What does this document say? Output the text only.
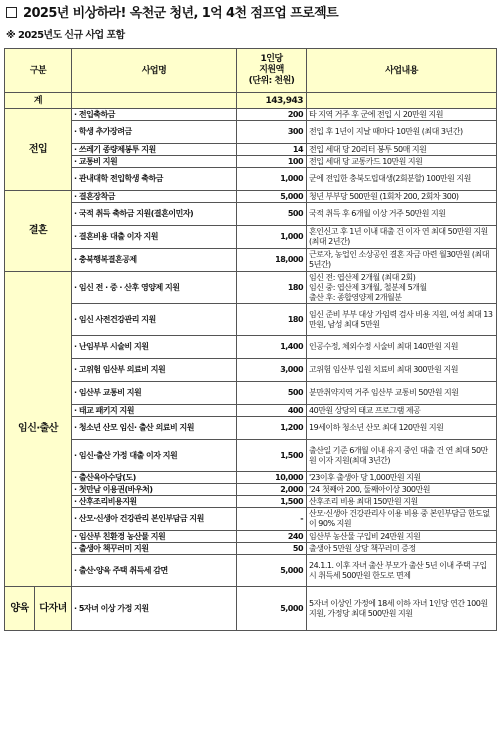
2025년 비상하라! 옥천군 청년, 1억 4천 점프업 프로젝트
※ 2025년도 신규 사업 포함
구분		사업명	1인당
지원액
(단위: 천원)	사업내용
계			143,943	
전입		· 전입축하금	200	타 지역 거주 후 군에 전입 시 20만원 지원
		· 학생 추가장려금	300	전입 후 1년이 지날 때마다 10만원 (최대 3년간)
		· 쓰레기 종량제봉투 지원	14	전입 세대 당 20리터 봉투 50매 지원
		· 교통비 지원	100	전입 세대 당 교통카드 10만원 지원
		· 관내대학 전입학생 축하금	1,000	군에 전입한 충북도립대생(2회분할) 100만원 지원
결혼		· 결혼장착금	5,000	청년 부부당 500만원 (1회차 200, 2회차 300)
		· 국적 취득 축하금 지원(결혼이민자)	500	국적 취득 후 6개월 이상 거주 50만원 지원
		· 결혼비용 대출 이자 지원	1,000	혼인신고 후 1년 이내 대출 건 이자 연 최대 50만원 지원 (최대 2년간)
		· 충북행복결혼공제	18,000	근로자, 농업인 소상공인 결혼 자금 마련 월30만원 (최대 5년간)
임신·출산		· 임신 전 · 중 · 산후 영양제 지원	180	임신 전: 엽산제 2개월 (최대 2회)
임신 중: 엽산제 3개월, 철분제 5개월
출산 후: 종합영양제 2개월분
		· 임신 사전건강관리 지원	180	임신 준비 부부 대상 가임력 검사 비용 지원, 여성 최대 13만원, 남성 최대 5만원
		· 난임부부 시술비 지원	1,400	인공수정, 체외수정 시술비 최대 140만원 지원
		· 고위험 임산부 의료비 지원	3,000	고위험 임산부 입원 치료비 최대 300만원 지원
		· 임산부 교통비 지원	500	분만취약지역 거주 임산부 교통비 50만원 지원
		· 태교 패키지 지원	400	40만원 상당의 태교 프로그램 제공
		· 청소년 산모 임신· 출산 의료비 지원	1,200	19세이하 청소년 산모 최대 120만원 지원
		· 임신·출산 가정 대출 이자 지원	1,500	출산일 기준 6개월 이내 유지 중인 대출 건 연 최대 50만원 이자 지원(최대 3년간)
		· 출산육아수당(도)	10,000	'23이후 출생아 당 1,000만원 지원
		· 첫만남 이용권(바우처)	2,000	'24 첫째아 200, 둘째아이상 300만원
		· 산후조리비용지원	1,500	산후조리 비용 최대 150만원 지원
		· 산모·신생아 건강관리 본인부담금 지원	-	산모·신생아 건강관리사 이용 비용 중 본인부담금 한도없이 90% 지원
		· 임산부 친환경 농산물 지원	240	임산부 농산물 구입비 24만원 지원
		· 출생아 책꾸러미 지원	50	출생아 5만원 상당 책꾸러미 증정
		· 출산·양육 주택 취득세 감면	5,000	24.1.1. 이후 자녀 출산 부모가 출산 5년 이내 주택 구입 시 취득세 500만원 한도로 면제
양육	다자녀	· 5자녀 이상 가정 지원	5,000	5자녀 이상인 가정에 18세 이하 자녀 1인당 연간 100원 지원, 가정당 최대 500만원 지원
